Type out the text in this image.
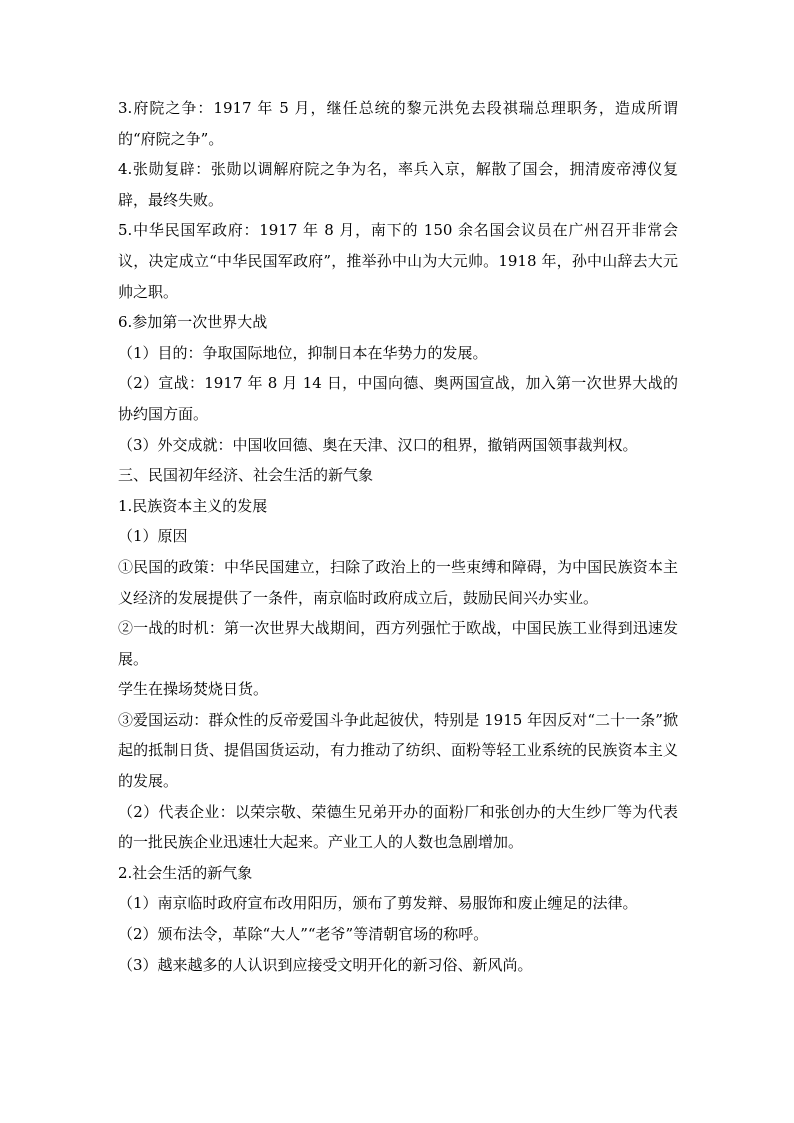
3.府院之争：1917 年 5 月，继任总统的黎元洪免去段祺瑞总理职务，造成所谓的“府院之争”。

4.张勋复辟：张勋以调解府院之争为名，率兵入京，解散了国会，拥清废帝溥仪复辟，最终失败。

5.中华民国军政府：1917 年 8 月，南下的 150 余名国会议员在广州召开非常会议，决定成立“中华民国军政府”，推举孙中山为大元帅。1918 年，孙中山辞去大元帅之职。

6.参加第一次世界大战

（1）目的：争取国际地位，抑制日本在华势力的发展。

（2）宣战：1917 年 8 月 14 日，中国向德、奥两国宣战，加入第一次世界大战的协约国方面。

（3）外交成就：中国收回德、奥在天津、汉口的租界，撤销两国领事裁判权。

三、民国初年经济、社会生活的新气象

1.民族资本主义的发展

（1）原因

①民国的政策：中华民国建立，扫除了政治上的一些束缚和障碍，为中国民族资本主义经济的发展提供了一条件，南京临时政府成立后，鼓励民间兴办实业。

②一战的时机：第一次世界大战期间，西方列强忙于欧战，中国民族工业得到迅速发展。

学生在操场焚烧日货。

③爱国运动：群众性的反帝爱国斗争此起彼伏，特别是 1915 年因反对“二十一条”掀起的抵制日货、提倡国货运动，有力推动了纺织、面粉等轻工业系统的民族资本主义的发展。

（2）代表企业：以荣宗敬、荣德生兄弟开办的面粉厂和张创办的大生纱厂等为代表的一批民族企业迅速壮大起来。产业工人的人数也急剧增加。

2.社会生活的新气象

（1）南京临时政府宣布改用阳历，颁布了剪发辩、易服饰和废止缠足的法律。

（2）颁布法令，革除“大人”“老爷”等清朝官场的称呼。

（3）越来越多的人认识到应接受文明开化的新习俗、新风尚。
